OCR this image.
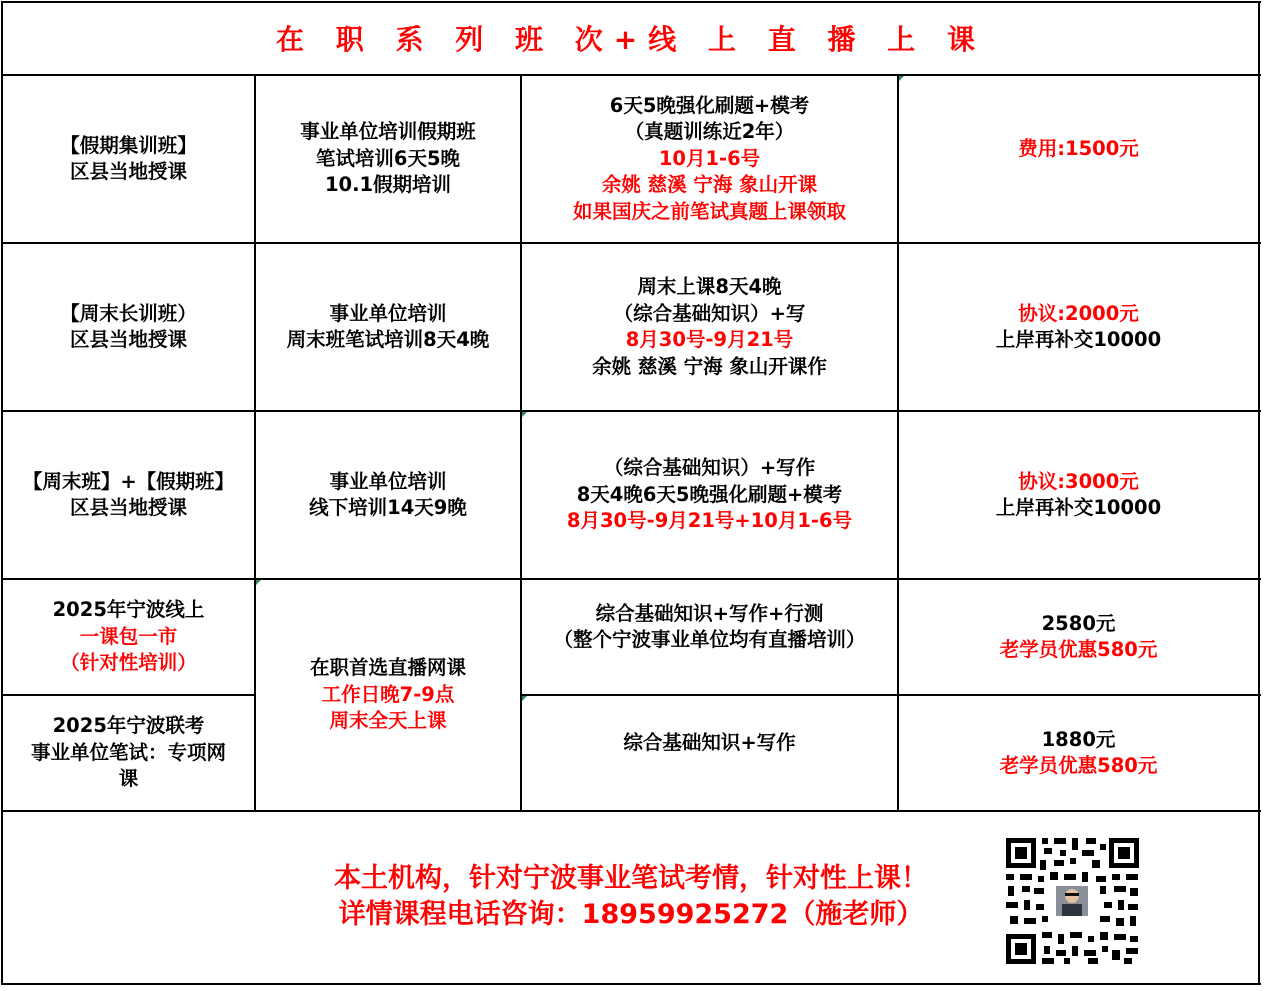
在 职 系 列 班 次+线 上 直 播 上 课
【假期集训班】
区县当地授课
事业单位培训假期班
笔试培训6天5晚
10.1假期培训
6天5晚强化刷题+模考
（真题训练近2年）
10月1-6号
余姚 慈溪 宁海 象山开课
如果国庆之前笔试真题上课领取
费用:1500元
【周末长训班）
区县当地授课
事业单位培训
周末班笔试培训8天4晚
周末上课8天4晚
（综合基础知识）+写
8月30号-9月21号
余姚 慈溪 宁海 象山开课作
协议:2000元
上岸再补交10000
【周末班】+【假期班】
区县当地授课
事业单位培训
线下培训14天9晚
（综合基础知识）+写作
8天4晚6天5晚强化刷题+模考
8月30号-9月21号+10月1-6号
协议:3000元
上岸再补交10000
2025年宁波线上
一课包一市
（针对性培训）	在职首选直播网课
工作日晚7-9点
周末全天上课
综合基础知识+写作+行测
（整个宁波事业单位均有直播培训）
2580元
老学员优惠580元
2025年宁波联考
事业单位笔试：专项网
课
综合基础知识+写作	1880元
老学员优惠580元
本土机构，针对宁波事业笔试考情，针对性上课！
详情课程电话咨询：18959925272（施老师）
